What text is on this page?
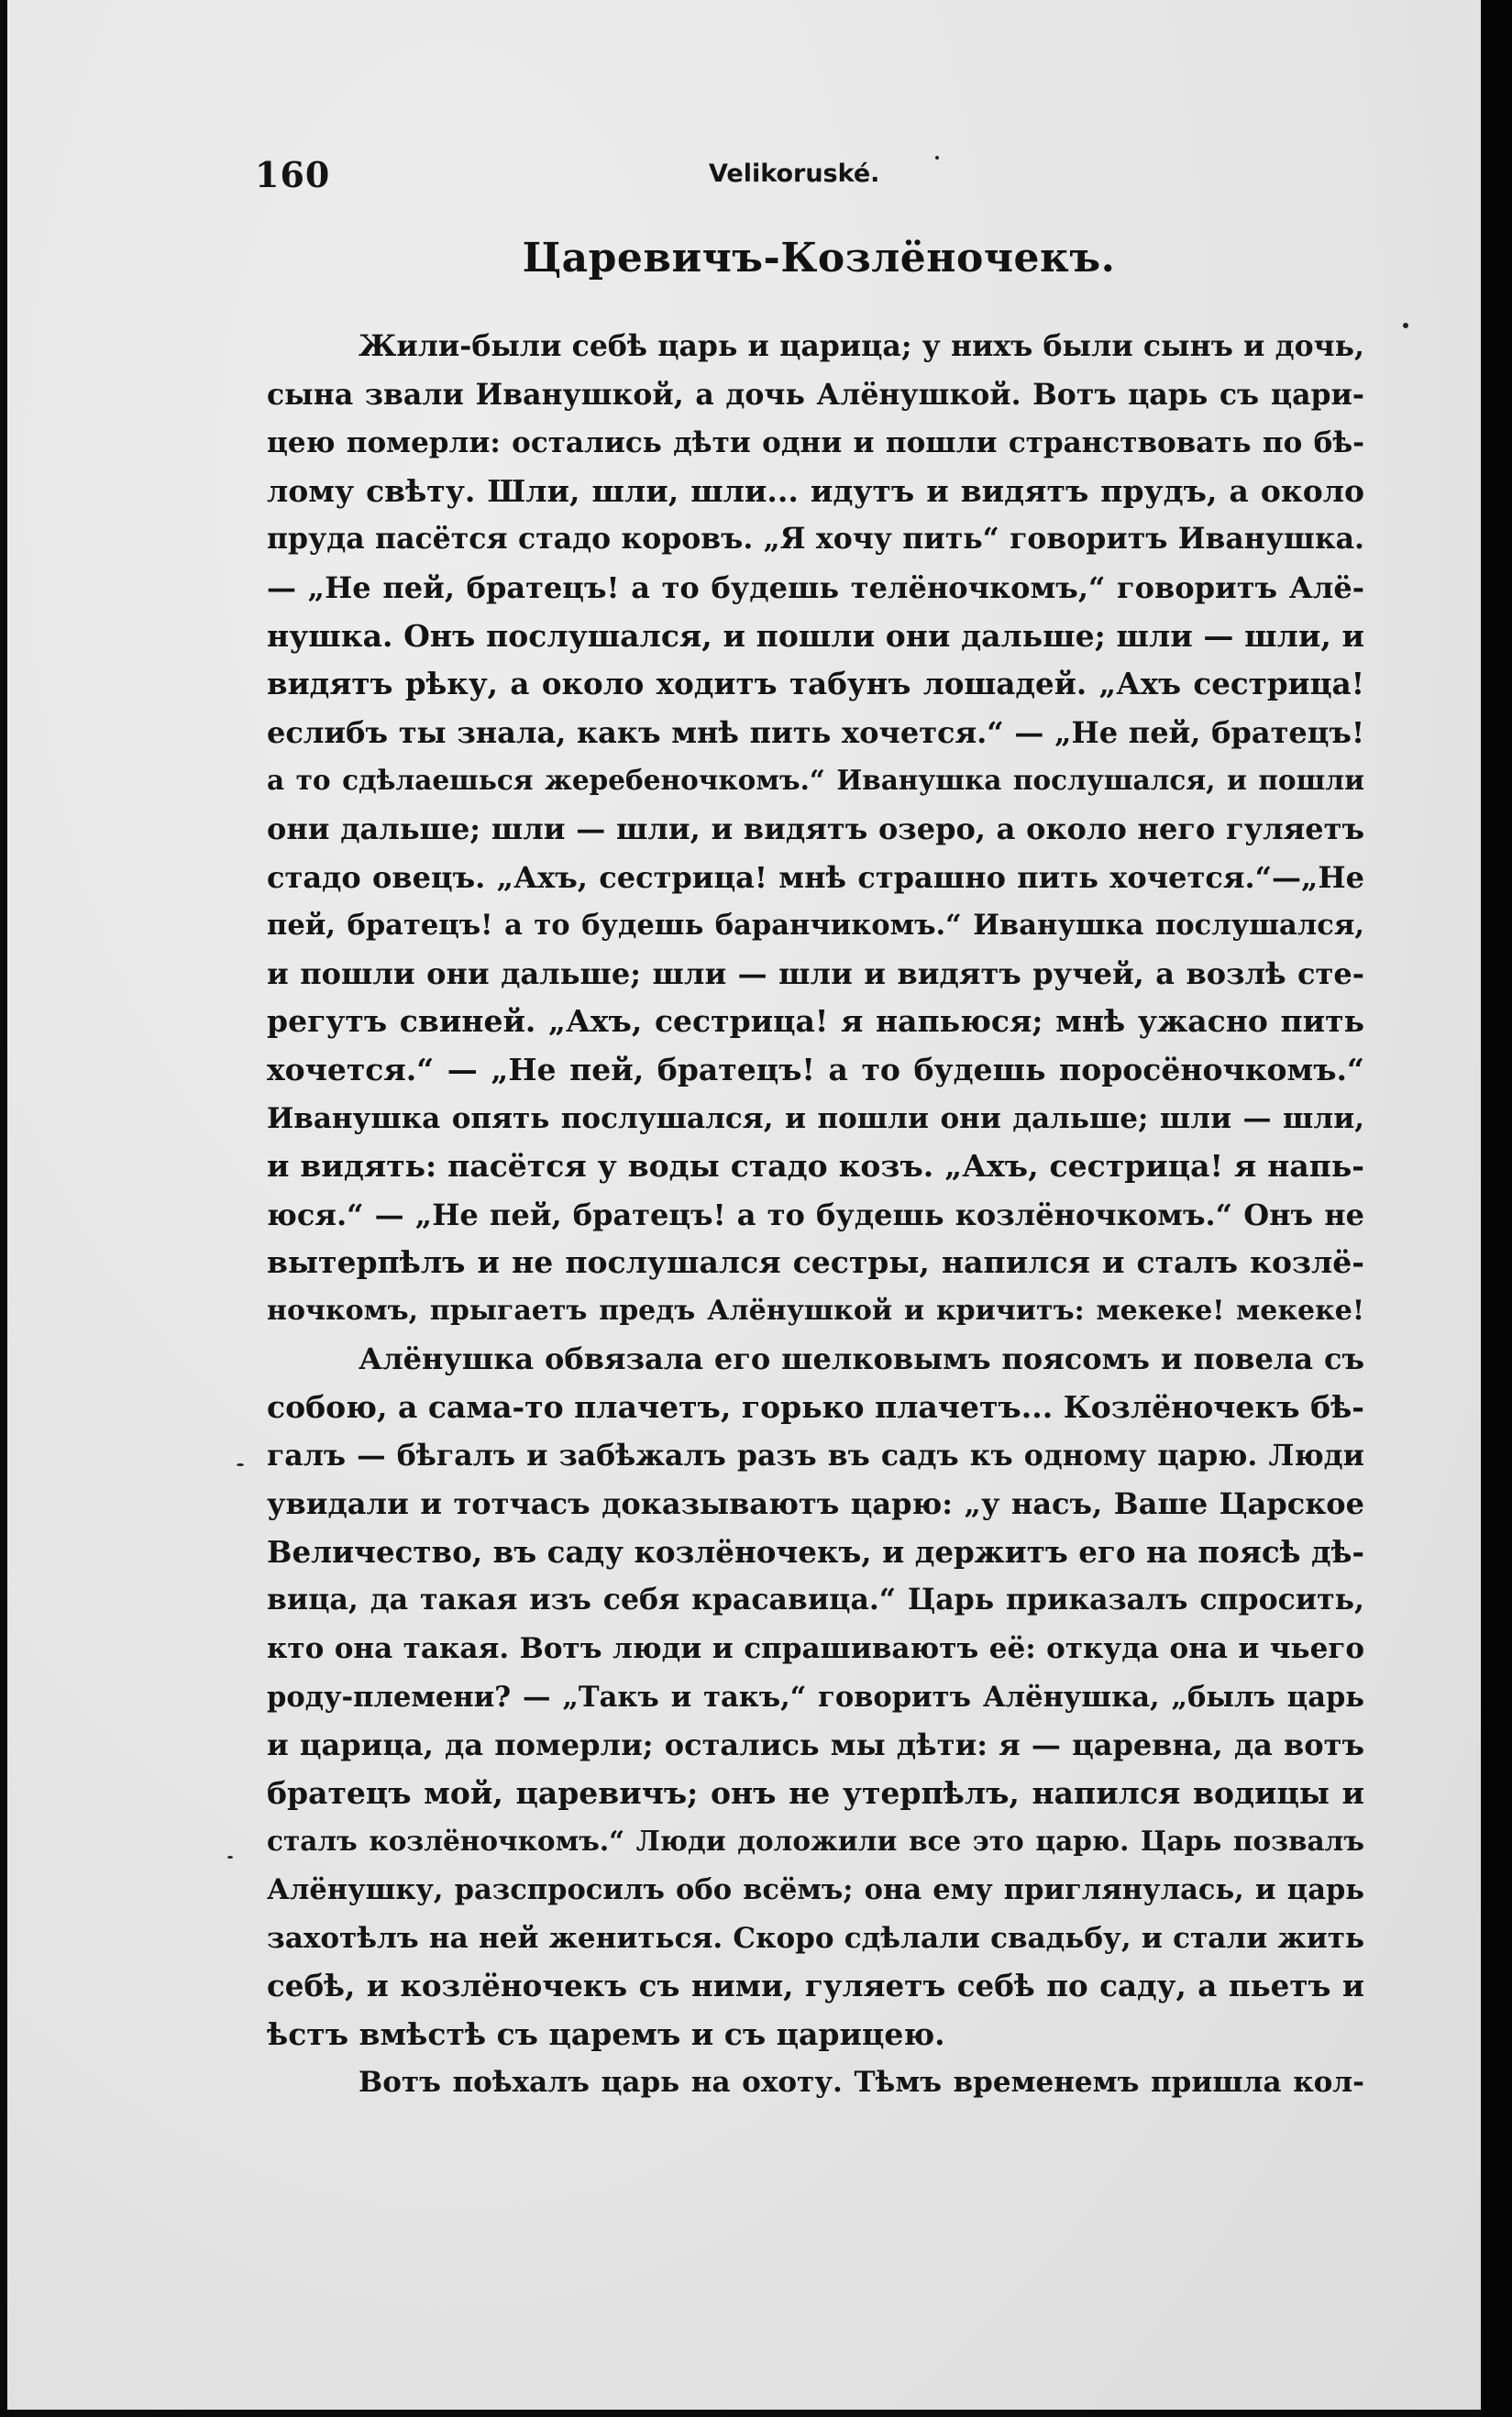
160	Velikoruské.
Царевичъ‑Козлёночекъ.
Жили-были себѣ царь и царица; у нихъ были сынъ и дочь,
сына звали Иванушкой, а дочь Алёнушкой. Вотъ царь съ цари-
цею померли: остались дѣти одни и пошли странствовать по бѣ-
лому свѣту. Шли, шли, шли... идутъ и видятъ прудъ, а около
пруда пасётся стадо коровъ. „Я хочу пить“ говоритъ Иванушка.
— „Не пей, братецъ! а то будешь телёночкомъ,“ говоритъ Алё-
нушка. Онъ послушался, и пошли они дальше; шли — шли, и
видятъ рѣку, а около ходитъ табунъ лошадей. „Ахъ сестрица!
еслибъ ты знала, какъ мнѣ пить хочется.“ — „Не пей, братецъ!
а то сдѣлаешься жеребеночкомъ.“ Иванушка послушался, и пошли
они дальше; шли — шли, и видятъ озеро, а около него гуляетъ
стадо овецъ. „Ахъ, сестрица! мнѣ страшно пить хочется.“—„Не
пей, братецъ! а то будешь баранчикомъ.“ Иванушка послушался,
и пошли они дальше; шли — шли и видятъ ручей, а возлѣ сте-
регутъ свиней. „Ахъ, сестрица! я напьюся; мнѣ ужасно пить
хочется.“ — „Не пей, братецъ! а то будешь поросёночкомъ.“
Иванушка опять послушался, и пошли они дальше; шли — шли,
и видять: пасётся у воды стадо козъ. „Ахъ, сестрица! я напь-
юся.“ — „Не пей, братецъ! а то будешь козлёночкомъ.“ Онъ не
вытерпѣлъ и не послушался сестры, напился и сталъ козлё-
ночкомъ, прыгаетъ предъ Алёнушкой и кричитъ: мекеке! мекеке!
Алёнушка обвязала его шелковымъ поясомъ и повела съ
собою, а сама-то плачетъ, горько плачетъ... Козлёночекъ бѣ-
галъ — бѣгалъ и забѣжалъ разъ въ садъ къ одному царю. Люди
увидали и тотчасъ доказываютъ царю: „у насъ, Ваше Царское
Величество, въ саду козлёночекъ, и держитъ его на поясѣ дѣ-
вица, да такая изъ себя красавица.“ Царь приказалъ спросить,
кто она такая. Вотъ люди и спрашиваютъ её: откуда она и чьего
роду-племени? — „Такъ и такъ,“ говоритъ Алёнушка, „былъ царь
и царица, да померли; остались мы дѣти: я — царевна, да вотъ
братецъ мой, царевичъ; онъ не утерпѣлъ, напился водицы и
сталъ козлёночкомъ.“ Люди доложили все это царю. Царь позвалъ
Алёнушку, разспросилъ обо всёмъ; она ему приглянулась, и царь
захотѣлъ на ней жениться. Скоро сдѣлали свадьбу, и стали жить
себѣ, и козлёночекъ съ ними, гуляетъ себѣ по саду, а пьетъ и
ѣстъ вмѣстѣ съ царемъ и съ царицею.
Вотъ поѣхалъ царь на охоту. Тѣмъ временемъ пришла кол-
